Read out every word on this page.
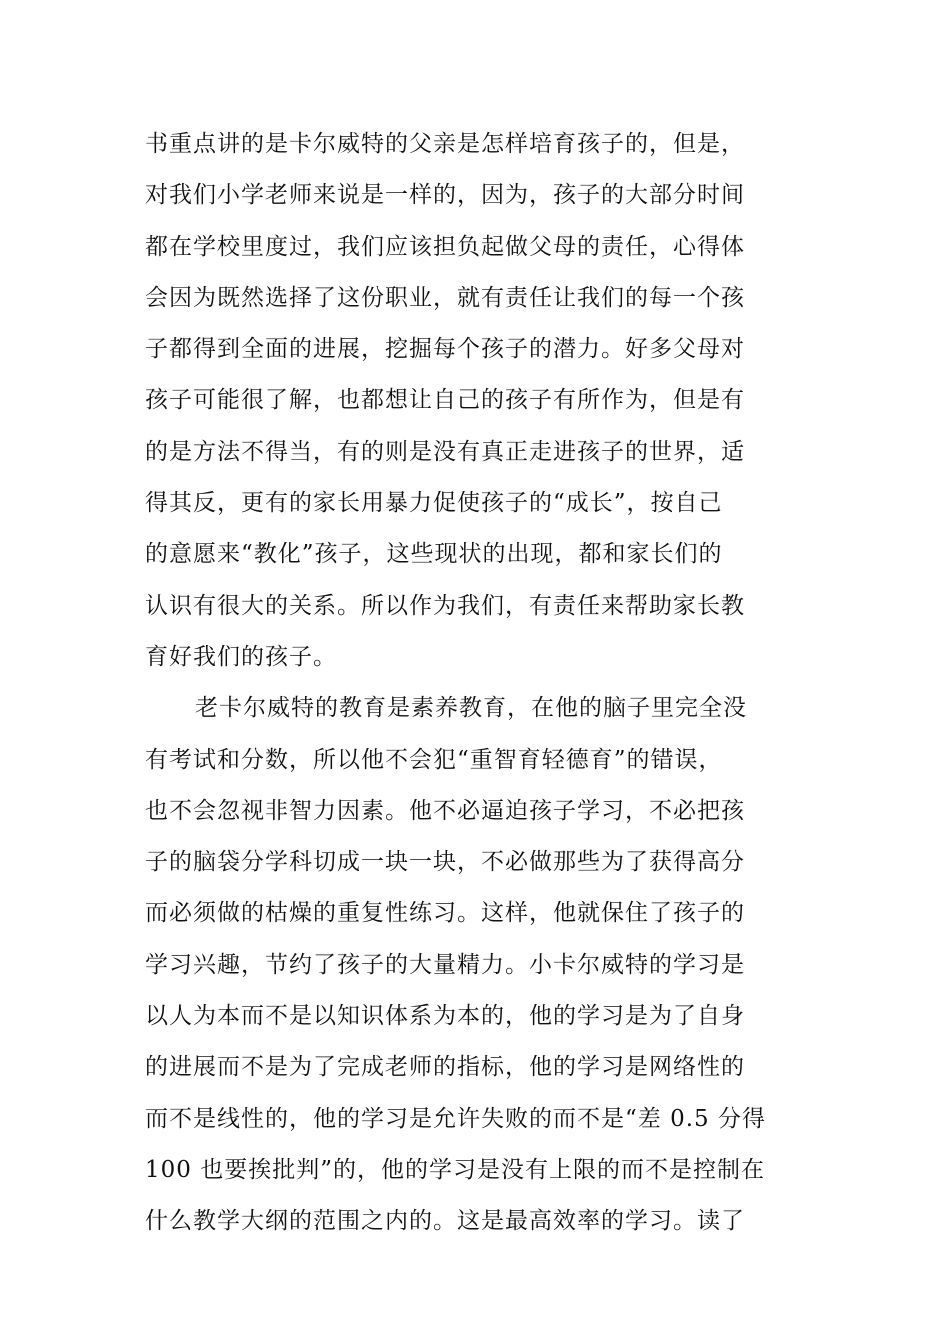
书重点讲的是卡尔威特的父亲是怎样培育孩子的，但是，
对我们小学老师来说是一样的，因为，孩子的大部分时间
都在学校里度过，我们应该担负起做父母的责任，心得体
会因为既然选择了这份职业，就有责任让我们的每一个孩
子都得到全面的进展，挖掘每个孩子的潜力。好多父母对
孩子可能很了解，也都想让自己的孩子有所作为，但是有
的是方法不得当，有的则是没有真正走进孩子的世界，适
得其反，更有的家长用暴力促使孩子的“成长”，按自己
的意愿来“教化”孩子，这些现状的出现，都和家长们的
认识有很大的关系。所以作为我们，有责任来帮助家长教
育好我们的孩子。
老卡尔威特的教育是素养教育，在他的脑子里完全没
有考试和分数，所以他不会犯“重智育轻德育”的错误，
也不会忽视非智力因素。他不必逼迫孩子学习，不必把孩
子的脑袋分学科切成一块一块，不必做那些为了获得高分
而必须做的枯燥的重复性练习。这样，他就保住了孩子的
学习兴趣，节约了孩子的大量精力。小卡尔威特的学习是
以人为本而不是以知识体系为本的，他的学习是为了自身
的进展而不是为了完成老师的指标，他的学习是网络性的
而不是线性的，他的学习是允许失败的而不是“差 0.5 分得
100 也要挨批判”的，他的学习是没有上限的而不是控制在
什么教学大纲的范围之内的。这是最高效率的学习。读了
